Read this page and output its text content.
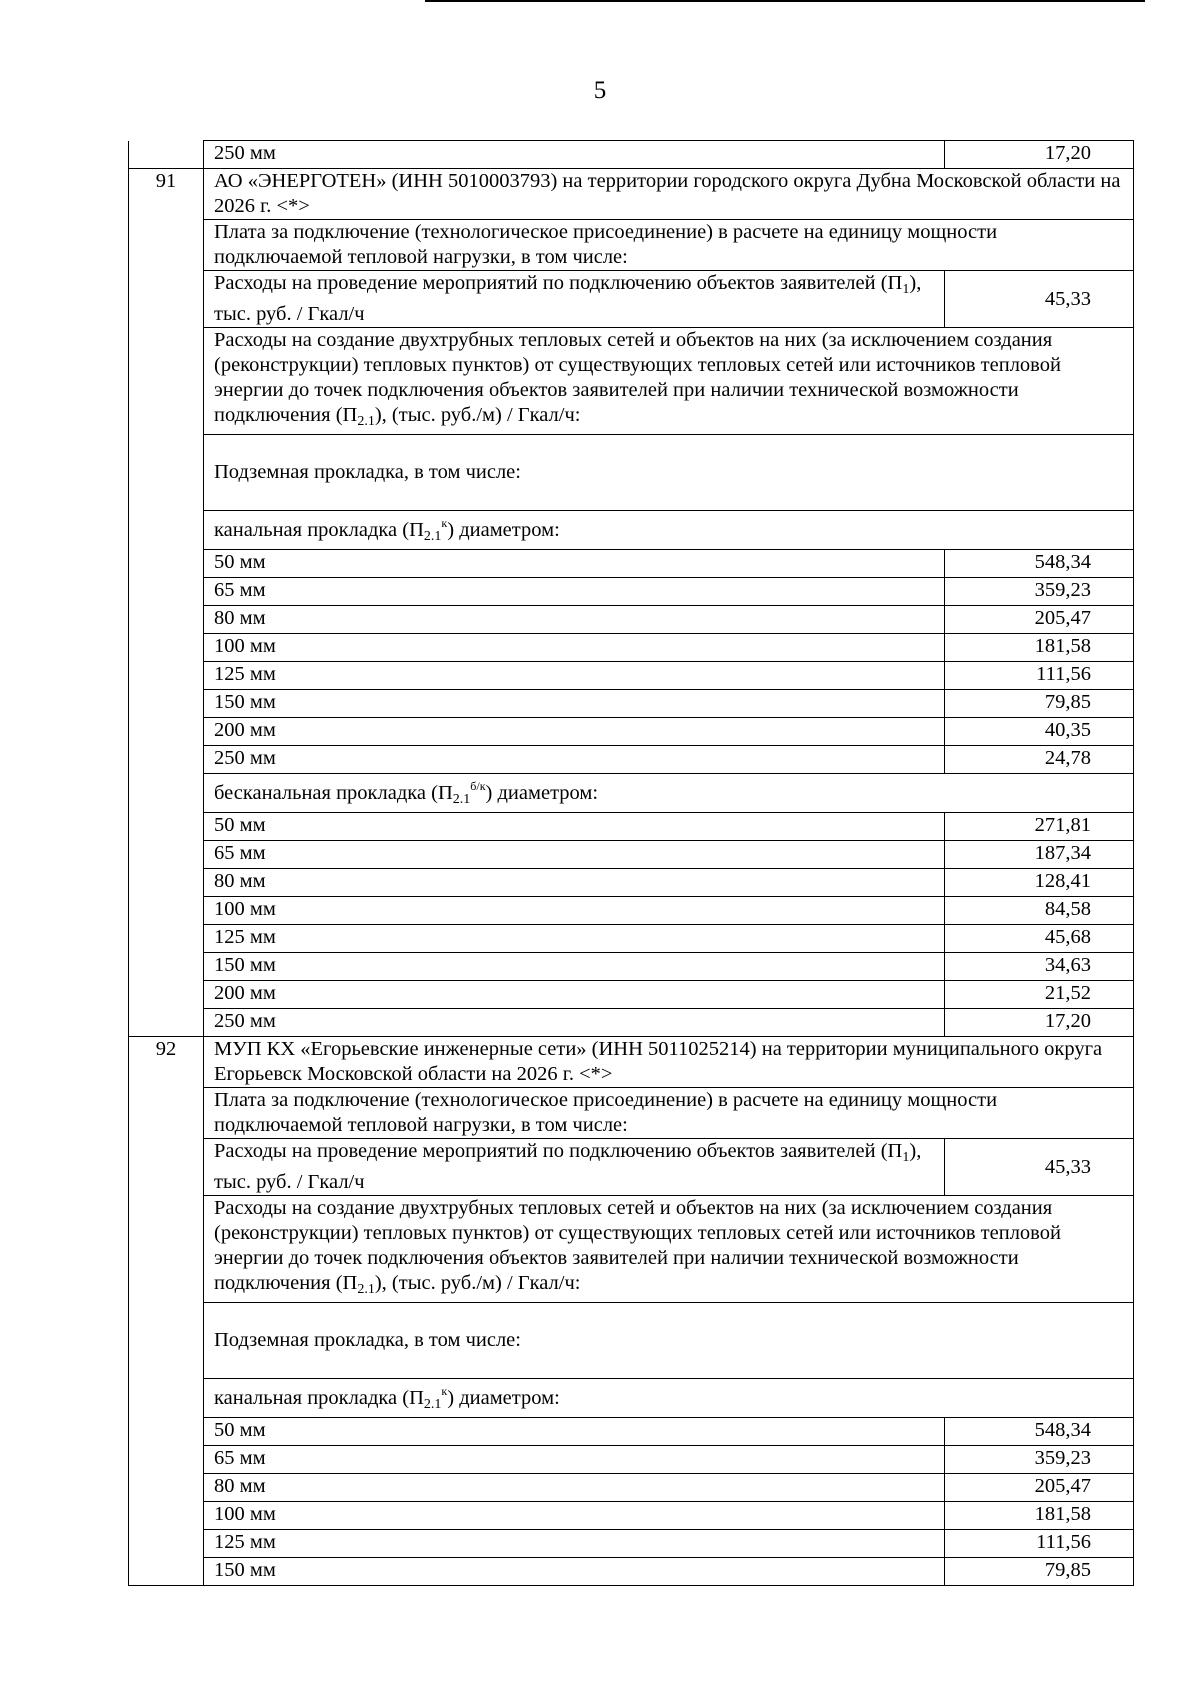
5
	250 мм	17,20
91	АО «ЭНЕРГОТЕН» (ИНН 5010003793) на территории городского округа Дубна Московской области на 2026 г. <*>	
	Плата за подключение (технологическое присоединение) в расчете на единицу мощности подключаемой тепловой нагрузки, в том числе:	
	Расходы на проведение мероприятий по подключению объектов заявителей $(П_1)$, тыс. руб. / Гкал/ч	45,33
	Расходы на создание двухтрубных тепловых сетей и объектов на них (за исключением создания (реконструкции) тепловых пунктов) от существующих тепловых сетей или источников тепловой энергии до точек подключения объектов заявителей при наличии технической возможности подключения $(П_{2.1})$, (тыс. руб./м) / Гкал/ч:	
	Подземная прокладка, в том числе:	
	канальная прокладка $(П_{2.1}^к)$ диаметром:	
	50 мм	548,34
	65 мм	359,23
	80 мм	205,47
	100 мм	181,58
	125 мм	111,56
	150 мм	79,85
	200 мм	40,35
	250 мм	24,78
	бесканальная прокладка $(П_{2.1}^{б/к})$ диаметром:	
	50 мм	271,81
	65 мм	187,34
	80 мм	128,41
	100 мм	84,58
	125 мм	45,68
	150 мм	34,63
	200 мм	21,52
	250 мм	17,20
92	МУП КХ «Егорьевские инженерные сети» (ИНН 5011025214) на территории муниципального округа Егорьевск Московской области на 2026 г. <*>	
	Плата за подключение (технологическое присоединение) в расчете на единицу мощности подключаемой тепловой нагрузки, в том числе:	
	Расходы на проведение мероприятий по подключению объектов заявителей $(П_1)$, тыс. руб. / Гкал/ч	45,33
	Расходы на создание двухтрубных тепловых сетей и объектов на них (за исключением создания (реконструкции) тепловых пунктов) от существующих тепловых сетей или источников тепловой энергии до точек подключения объектов заявителей при наличии технической возможности подключения $(П_{2.1})$, (тыс. руб./м) / Гкал/ч:	
	Подземная прокладка, в том числе:	
	канальная прокладка $(П_{2.1}^к)$ диаметром:	
	50 мм	548,34
	65 мм	359,23
	80 мм	205,47
	100 мм	181,58
	125 мм	111,56
	150 мм	79,85
